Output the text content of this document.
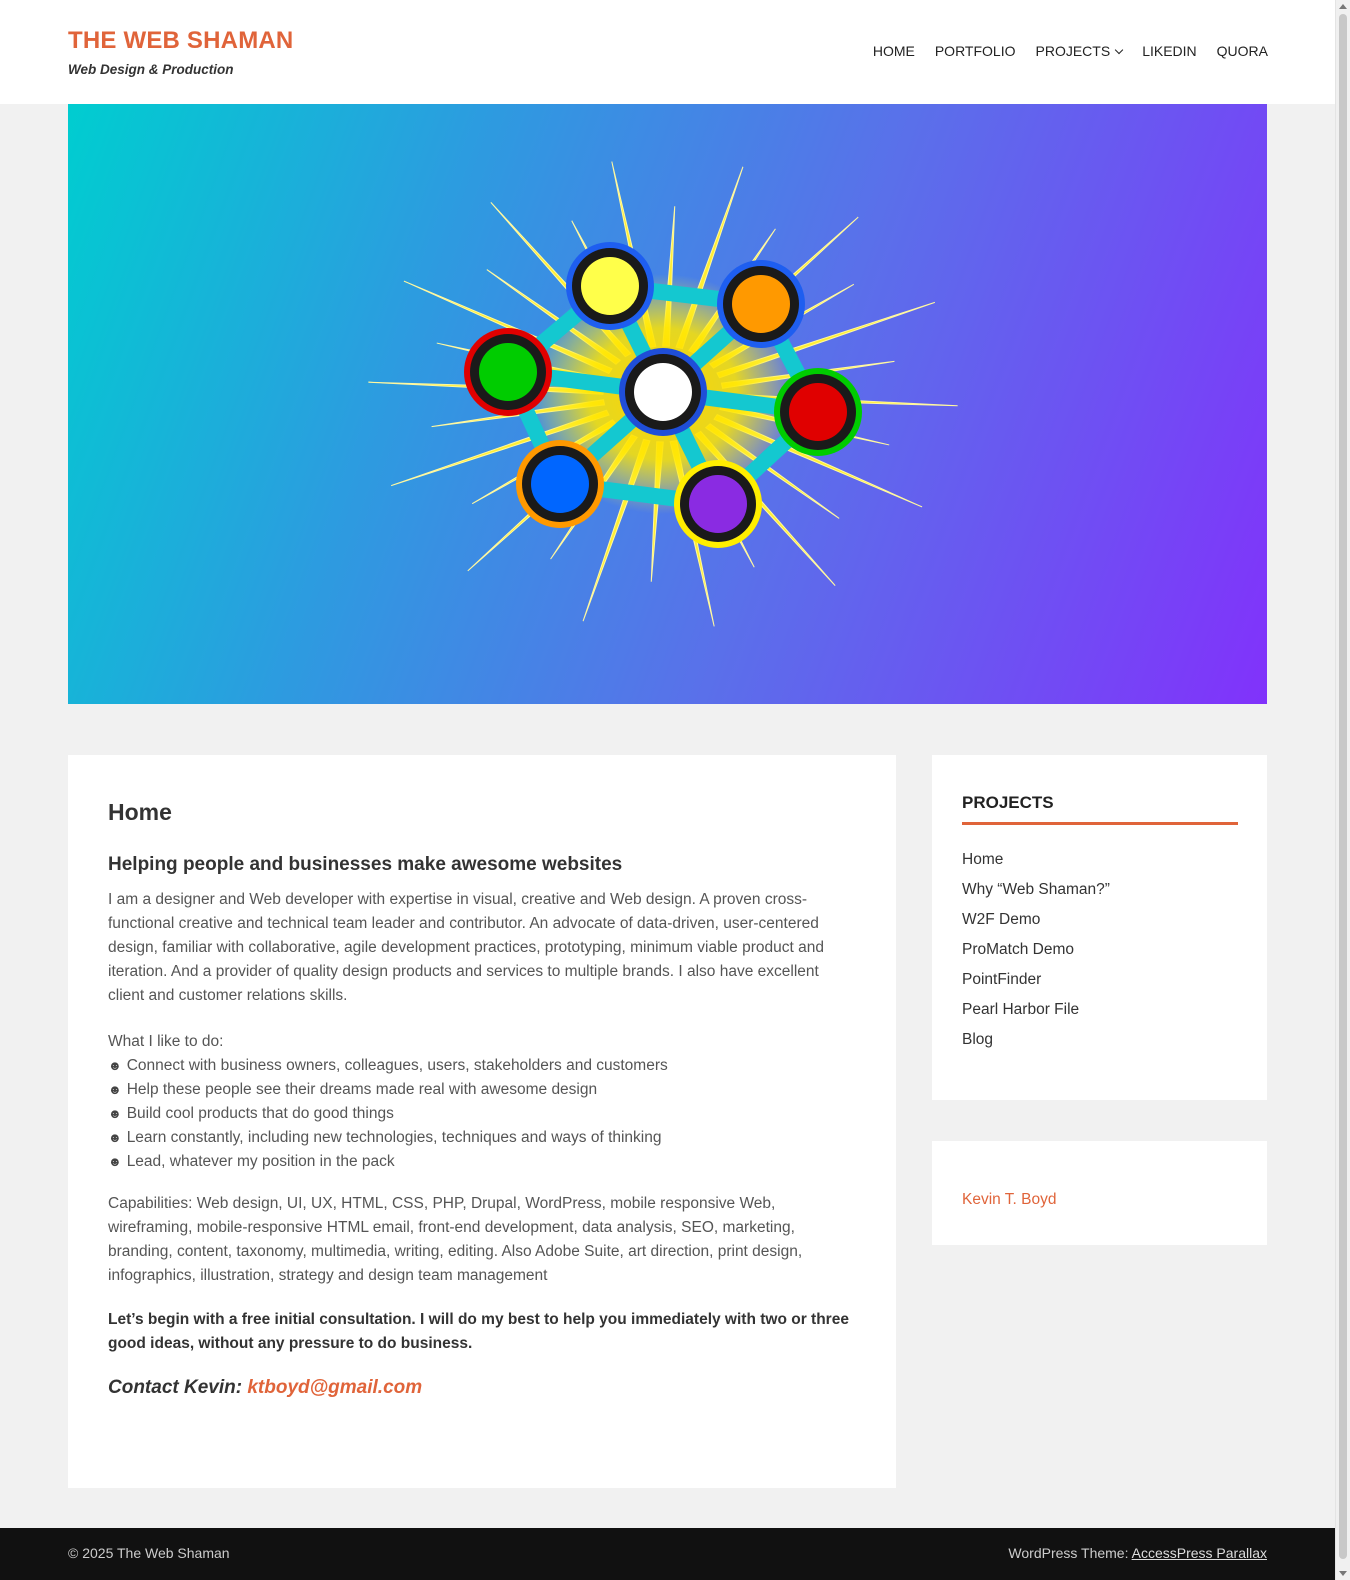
THE WEB SHAMAN
Web Design & Production
HOME PORTFOLIO PROJECTS LIKEDIN QUORA
Home
Helping people and businesses make awesome websites

I am a designer and Web developer with expertise in visual, creative and Web design. A proven cross-functional creative and technical team leader and contributor. An advocate of data-driven, user-centered design, familiar with collaborative, agile development practices, prototyping, minimum viable product and iteration. And a provider of quality design products and services to multiple brands. I also have excellent client and customer relations skills.

What I like to do:
☻ Connect with business owners, colleagues, users, stakeholders and customers
☻ Help these people see their dreams made real with awesome design
☻ Build cool products that do good things
☻ Learn constantly, including new technologies, techniques and ways of thinking
☻ Lead, whatever my position in the pack

Capabilities: Web design, UI, UX, HTML, CSS, PHP, Drupal, WordPress, mobile responsive Web, wireframing, mobile-responsive HTML email, front-end development, data analysis, SEO, marketing, branding, content, taxonomy, multimedia, writing, editing. Also Adobe Suite, art direction, print design, infographics, illustration, strategy and design team management

Let’s begin with a free initial consultation. I will do my best to help you immediately with two or three good ideas, without any pressure to do business.

Contact Kevin: ktboyd@gmail.com
PROJECTS
Home
Why “Web Shaman?”
W2F Demo
ProMatch Demo
PointFinder
Pearl Harbor File
Blog
Kevin T. Boyd
© 2025 The Web Shaman	WordPress Theme: AccessPress Parallax
